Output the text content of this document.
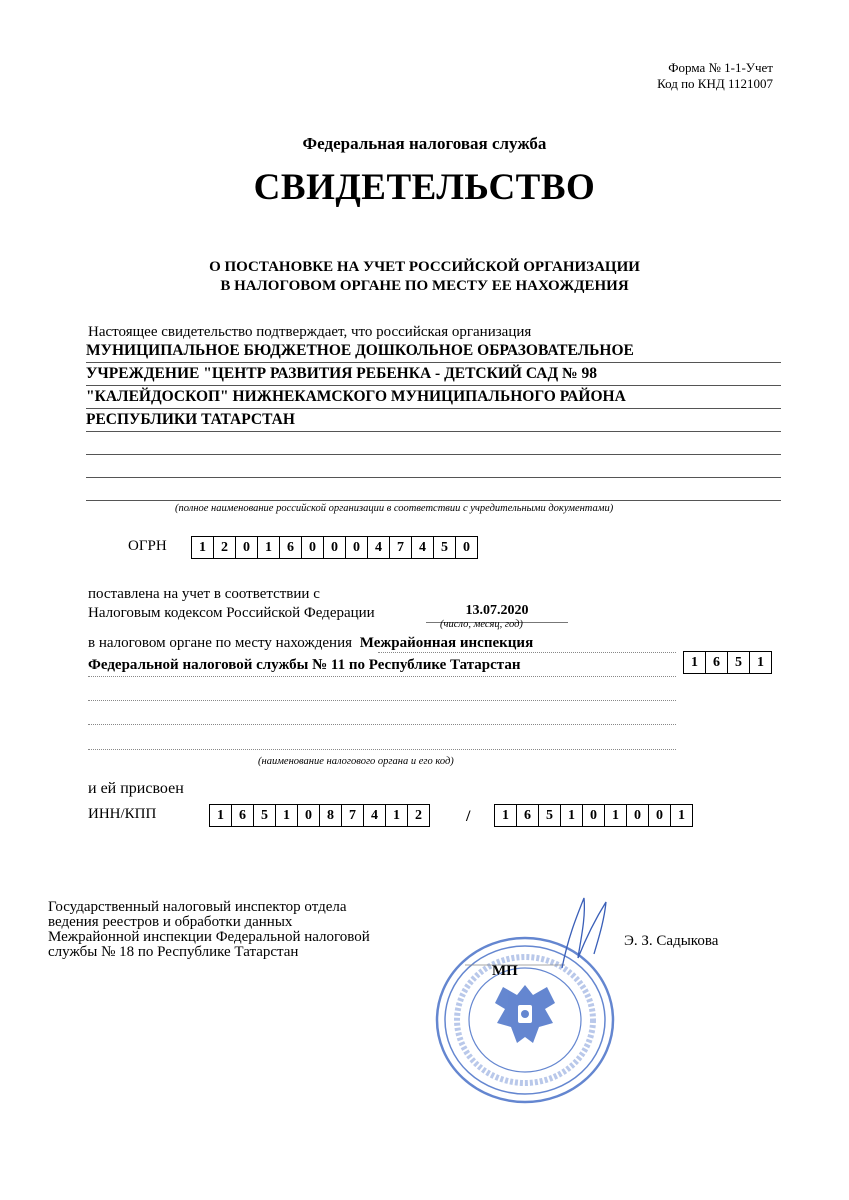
Форма № 1-1-Учет
Код по КНД 1121007
Федеральная налоговая служба
СВИДЕТЕЛЬСТВО
О ПОСТАНОВКЕ НА УЧЕТ РОССИЙСКОЙ ОРГАНИЗАЦИИ
В НАЛОГОВОМ ОРГАНЕ ПО МЕСТУ ЕЕ НАХОЖДЕНИЯ
Настоящее свидетельство подтверждает, что российская организация
МУНИЦИПАЛЬНОЕ БЮДЖЕТНОЕ ДОШКОЛЬНОЕ ОБРАЗОВАТЕЛЬНОЕ
УЧРЕЖДЕНИЕ "ЦЕНТР РАЗВИТИЯ РЕБЕНКА - ДЕТСКИЙ САД № 98
"КАЛЕЙДОСКОП" НИЖНЕКАМСКОГО МУНИЦИПАЛЬНОГО РАЙОНА
РЕСПУБЛИКИ ТАТАРСТАН
(полное наименование российской организации в соответствии с учредительными документами)
ОГРН	1	2	0	1	6	0	0	0	4	7	4	5	0
поставлена на учет в соответствии с
Налоговым кодексом Российской Федерации	13.07.2020
(число, месяц, год)
в налоговом органе по месту нахождения Межрайонная инспекция
Федеральной налоговой службы № 11 по Республике Татарстан	1	6	5	1
(наименование налогового органа и его код)
и ей присвоен
ИНН/КПП	1	6	5	1	0	8	7	4	1	2	/	1	6	5	1	0	1	0	0	1
Государственный налоговый инспектор отдела
ведения реестров и обработки данных
Межрайонной инспекции Федеральной налоговой
службы № 18 по Республике Татарстан
Э. З. Садыкова
МП
